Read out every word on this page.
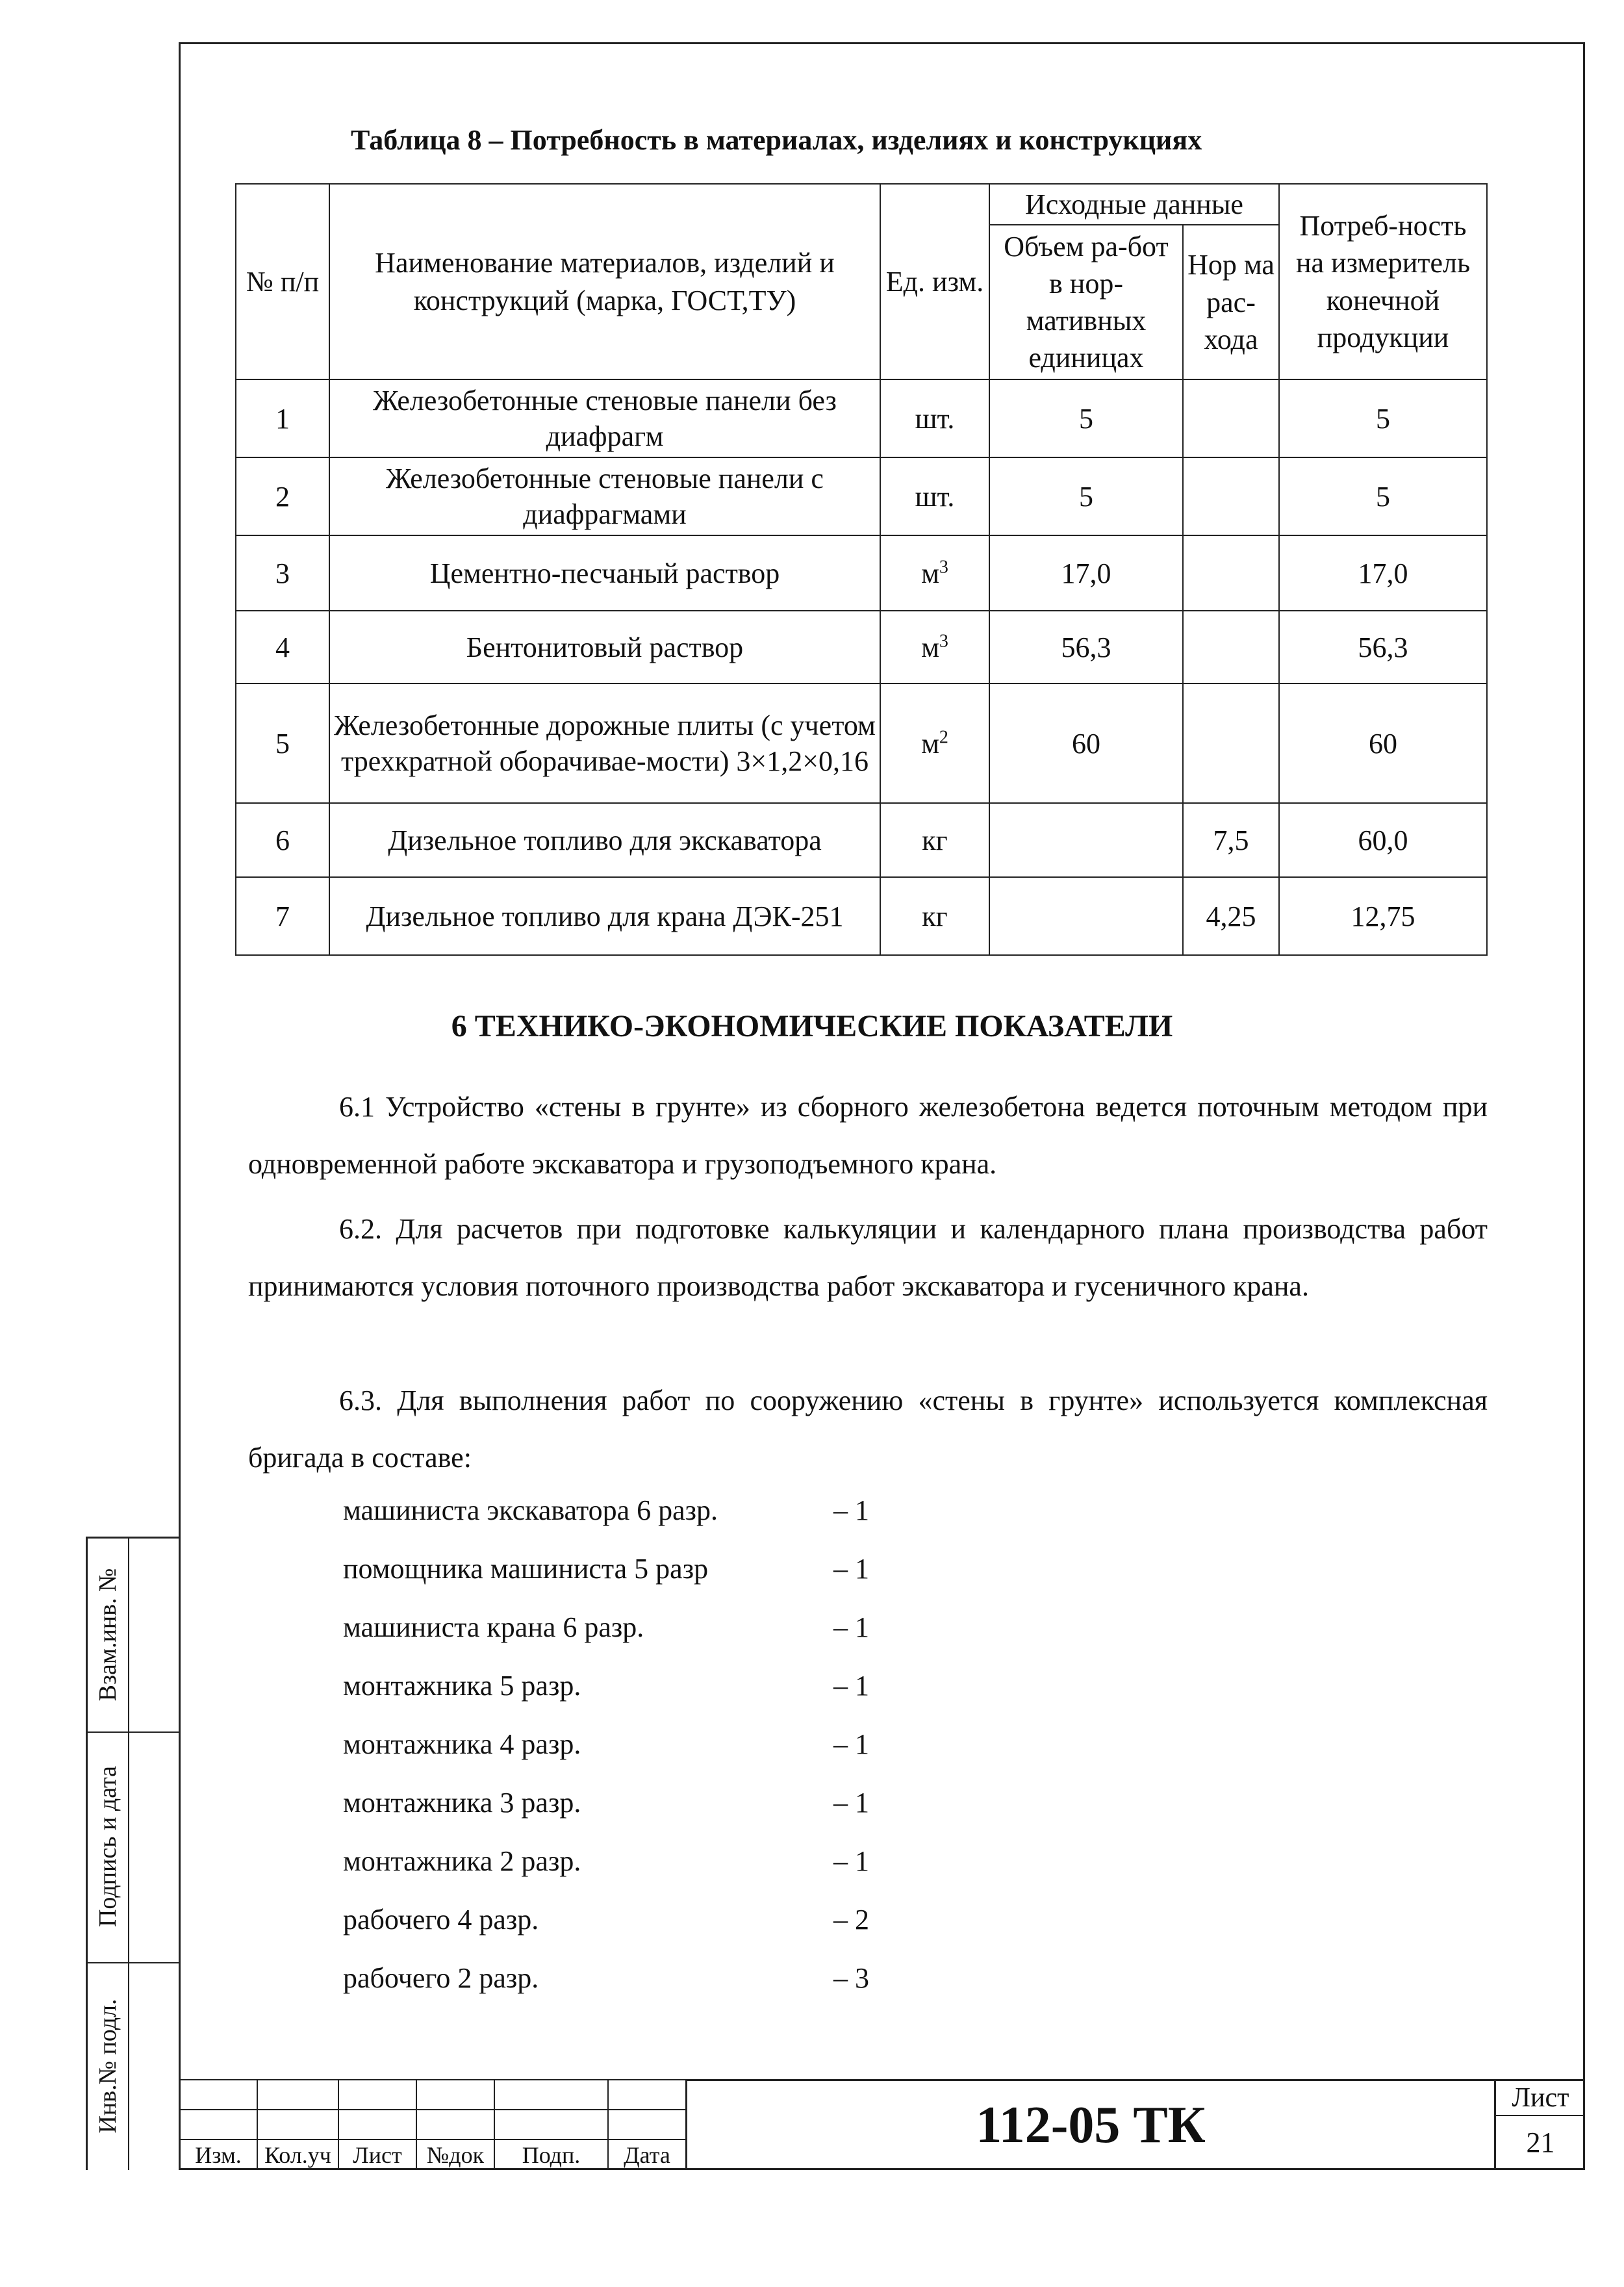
Таблица 8 – Потребность в материалах, изделиях и конструкциях
№ п/п	Наименование материалов, изделий и конструкций (марка, ГОСТ,ТУ)	Ед. изм.	Исходные данные		Потреб-ность на измеритель конечной продукции
			Объем ра-бот в нор-мативных единицах	Нор ма рас-хода	
1	Железобетонные стеновые панели без диафрагм	шт.	5		5
2	Железобетонные стеновые панели с диафрагмами	шт.	5		5
3	Цементно-песчаный раствор	$м^3$	17,0		17,0
4	Бентонитовый раствор	$м^3$	56,3		56,3
5	Железобетонные дорожные плиты (с учетом трехкратной оборачивае-мости) 3×1,2×0,16	$м^2$	60		60
6	Дизельное топливо для экскаватора	кг		7,5	60,0
7	Дизельное топливо для крана ДЭК-251	кг		4,25	12,75
6 ТЕХНИКО-ЭКОНОМИЧЕСКИЕ ПОКАЗАТЕЛИ
6.1 Устройство «стены в грунте» из сборного железобетона ведется поточным методом при одновременной работе экскаватора и грузоподъемного крана.
6.2. Для расчетов при подготовке калькуляции и календарного плана производства работ принимаются условия поточного производства работ экскаватора и гусеничного крана.
6.3. Для выполнения работ по сооружению «стены в грунте» используется комплексная бригада в составе:
машиниста экскаватора 6 разр.	– 1
помощника машиниста 5 разр	– 1
машиниста крана 6 разр.	– 1
монтажника 5 разр.	– 1
монтажника 4 разр.	– 1
монтажника 3 разр.	– 1
монтажника 2 разр.	– 1
рабочего 4 разр.	– 2
рабочего 2 разр.	– 3
Взам.инв. №
Подпись и дата
Инв.№ подл.

Изм.	Кол.уч	Лист	№док	Подп.	Дата
112-05 ТК	Лист
21
